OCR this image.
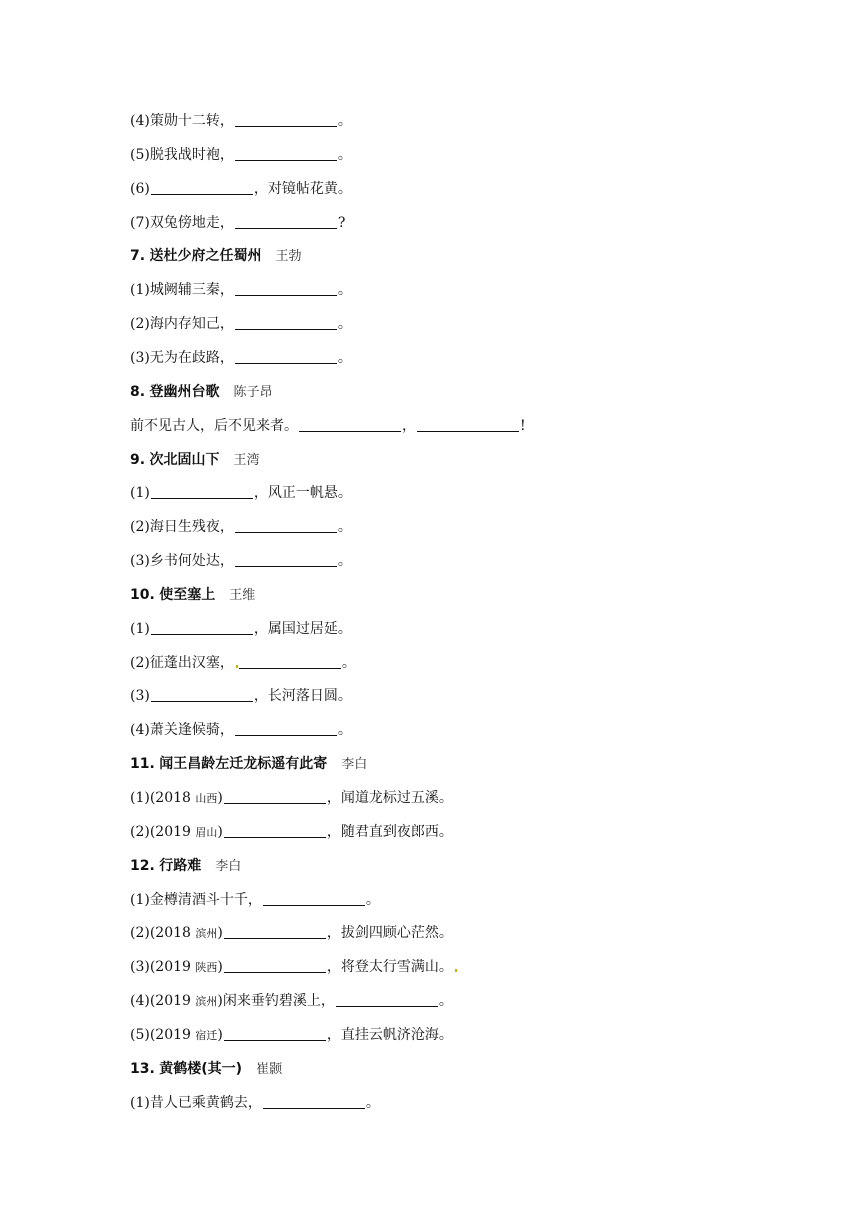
(4)策勋十二转，	。
(5)脱我战时袍，	。
(6)	，对镜帖花黄。
(7)双兔傍地走，	?
7. 送杜少府之任蜀州 王勃
(1)城阙辅三秦，	。
(2)海内存知己，	。
(3)无为在歧路，	。
8. 登幽州台歌 陈子昂
前不见古人，后不见来者。	，	!
9. 次北固山下 王湾
(1)	，风正一帆悬。
(2)海日生残夜，	。
(3)乡书何处达，	。
10. 使至塞上 王维
(1)	，属国过居延。
(2)征蓬出汉塞，	。
(3)	，长河落日圆。
(4)萧关逢候骑，	。
11. 闻王昌龄左迁龙标遥有此寄 李白
(1)(2018 山西)	，闻道龙标过五溪。
(2)(2019 眉山)	，随君直到夜郎西。
12. 行路难 李白
(1)金樽清酒斗十千，	。
(2)(2018 滨州)	，拔剑四顾心茫然。
(3)(2019 陕西)	，将登太行雪满山。
(4)(2019 滨州)闲来垂钓碧溪上，	。
(5)(2019 宿迁)	，直挂云帆济沧海。
13. 黄鹤楼(其一) 崔颢
(1)昔人已乘黄鹤去，	。
